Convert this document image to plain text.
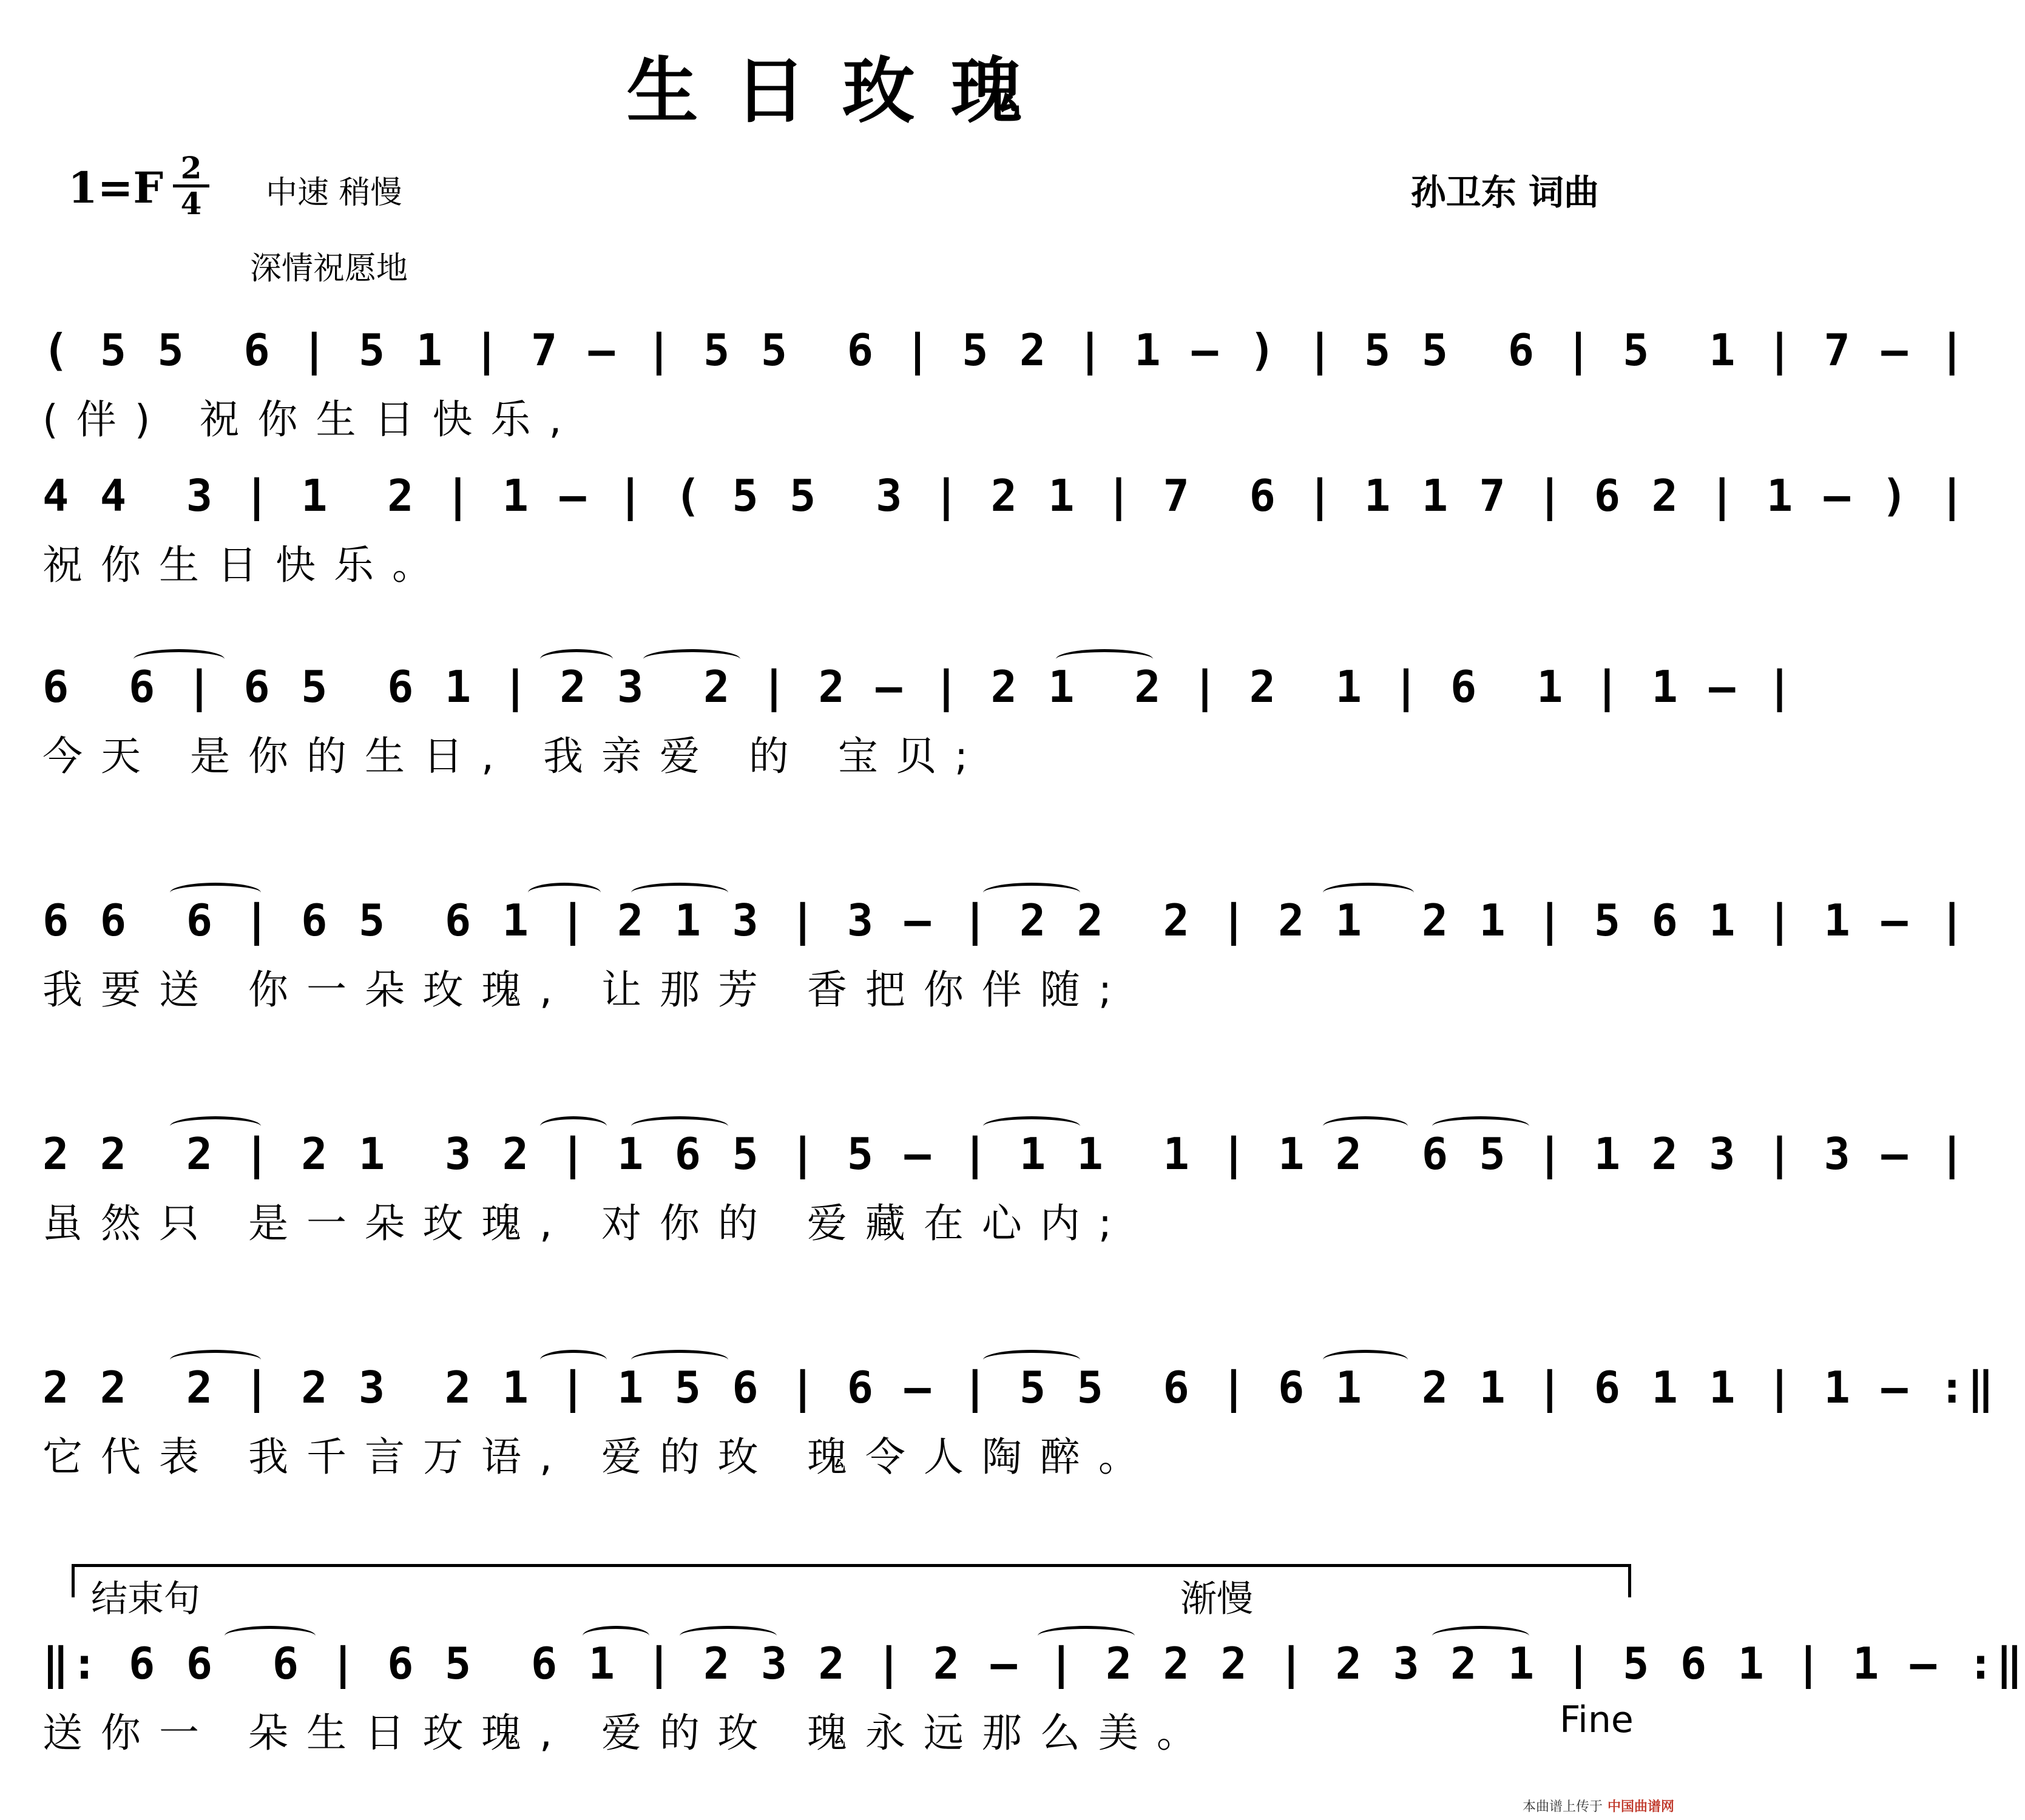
生日玫瑰
1=F 2
4 中速 稍慢
深情祝愿地
孙卫东 词曲
( 5 5  6 | 5 1 | 7 — | 5 5  6 | 5 2 | 1 — ) | 5 5  6 | 5  1 | 7 — |
(伴) 祝你生日快乐,
4 4  3 | 1  2 | 1 — | ( 5 5  3 | 2 1 | 7  6 | 1 1 7 | 6 2 | 1 — ) |
祝你生日快乐。
6  6 | 6 5  6 1 | 2 3  2 | 2 — | 2 1  2 | 2  1 | 6  1 | 1 — |
今天 是你的生日, 我亲爱 的 宝贝;
6 6  6 | 6 5  6 1 | 2 1 3 | 3 — | 2 2  2 | 2 1  2 1 | 5 6 1 | 1 — |
我要送 你一朵玫瑰, 让那芳 香把你伴随;
2 2  2 | 2 1  3 2 | 1 6 5 | 5 — | 1 1  1 | 1 2  6 5 | 1 2 3 | 3 — |
虽然只 是一朵玫瑰, 对你的 爱藏在心内;
2 2  2 | 2 3  2 1 | 1 5 6 | 6 — | 5 5  6 | 6 1  2 1 | 6 1 1 | 1 — :‖
它代表 我千言万语, 爱的玫 瑰令人陶醉。
结束句	渐慢
‖: 6 6  6 | 6 5  6 1 | 2 3 2 | 2 — | 2 2 2 | 2 3 2 1 | 5 6 1 | 1 — :‖
送你一 朵生日玫瑰, 爱的玫 瑰永远那么美。	Fine
本曲谱上传于 中国曲谱网
